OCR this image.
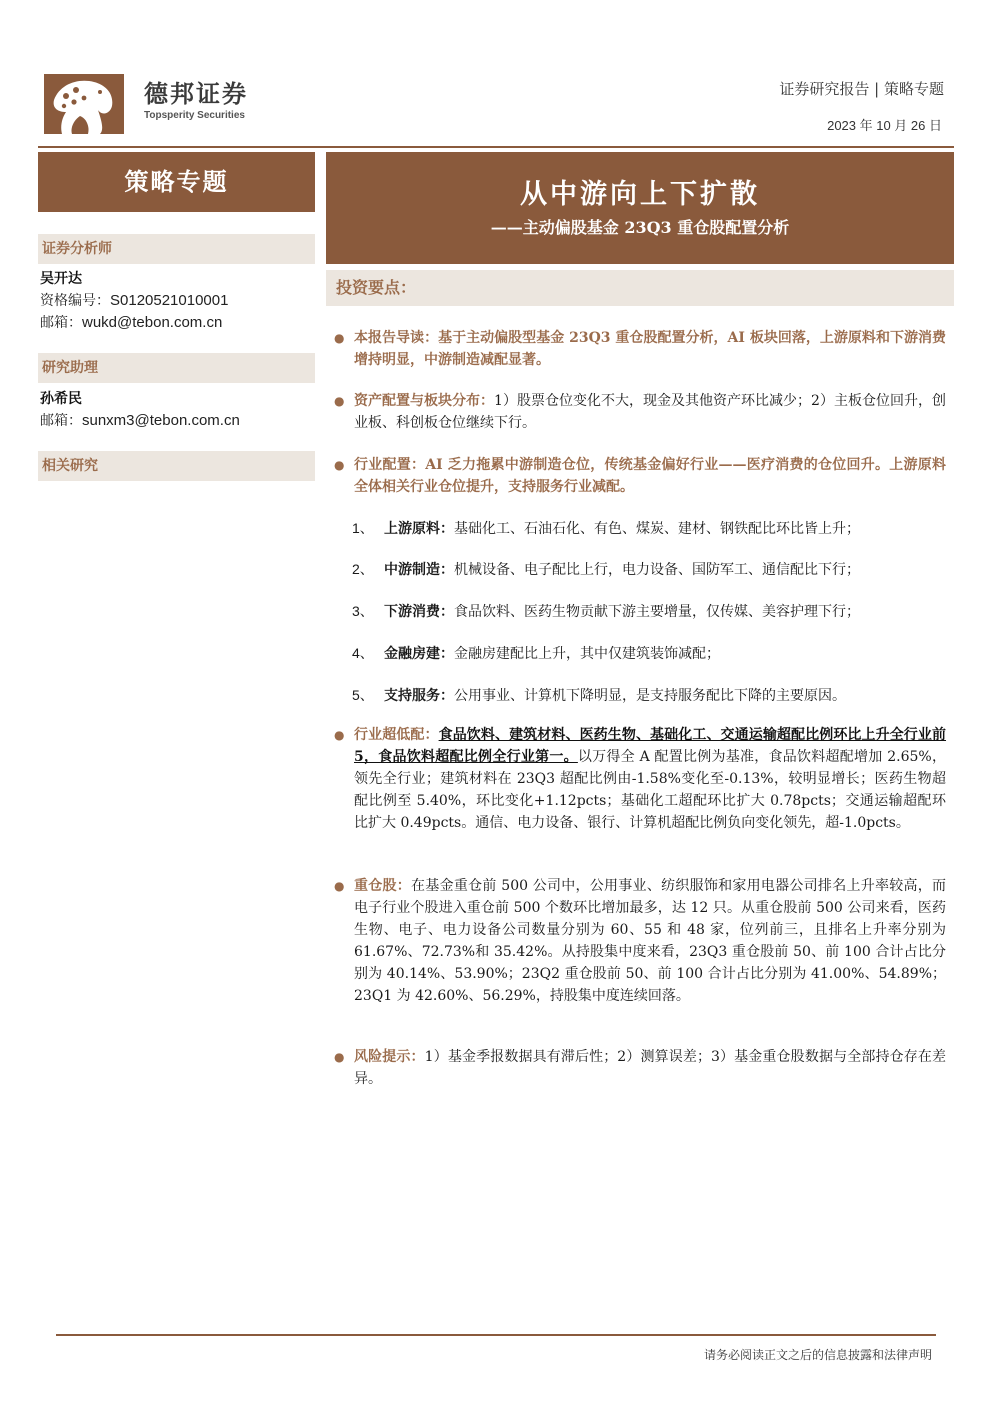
德邦证券
Topsperity Securities
证券研究报告 | 策略专题
2023 年 10 月 26 日
策略专题
证券分析师
吴开达
资格编号：S0120521010001
邮箱：wukd@tebon.com.cn
研究助理
孙希民
邮箱：sunxm3@tebon.com.cn
相关研究
从中游向上下扩散
——主动偏股基金 23Q3 重仓股配置分析
投资要点：
● 本报告导读：基于主动偏股型基金 23Q3 重仓股配置分析，AI 板块回落，上游原料和下游消费增持明显，中游制造减配显著。
● 资产配置与板块分布：1）股票仓位变化不大，现金及其他资产环比减少；2）主板仓位回升，创业板、科创板仓位继续下行。
● 行业配置：AI 乏力拖累中游制造仓位，传统基金偏好行业——医疗消费的仓位回升。上游原料全体相关行业仓位提升，支持服务行业减配。
1、 上游原料：基础化工、石油石化、有色、煤炭、建材、钢铁配比环比皆上升；
2、 中游制造：机械设备、电子配比上行，电力设备、国防军工、通信配比下行；
3、 下游消费：食品饮料、医药生物贡献下游主要增量，仅传媒、美容护理下行；
4、 金融房建：金融房建配比上升，其中仅建筑装饰减配；
5、 支持服务：公用事业、计算机下降明显，是支持服务配比下降的主要原因。
● 行业超低配：食品饮料、建筑材料、医药生物、基础化工、交通运输超配比例环比上升全行业前 5，食品饮料超配比例全行业第一。以万得全 A 配置比例为基准，食品饮料超配增加 2.65%，领先全行业；建筑材料在 23Q3 超配比例由-1.58%变化至-0.13%，较明显增长；医药生物超配比例至 5.40%，环比变化+1.12pcts；基础化工超配环比扩大 0.78pcts；交通运输超配环比扩大 0.49pcts。通信、电力设备、银行、计算机超配比例负向变化领先，超-1.0pcts。
● 重仓股：在基金重仓前 500 公司中，公用事业、纺织服饰和家用电器公司排名上升率较高，而电子行业个股进入重仓前 500 个数环比增加最多，达 12 只。从重仓股前 500 公司来看，医药生物、电子、电力设备公司数量分别为 60、55 和 48 家，位列前三，且排名上升率分别为 61.67%、72.73%和 35.42%。从持股集中度来看，23Q3 重仓股前 50、前 100 合计占比分别为 40.14%、53.90%；23Q2 重仓股前 50、前 100 合计占比分别为 41.00%、54.89%；23Q1 为 42.60%、56.29%，持股集中度连续回落。
● 风险提示：1）基金季报数据具有滞后性；2）测算误差；3）基金重仓股数据与全部持仓存在差异。
请务必阅读正文之后的信息披露和法律声明
